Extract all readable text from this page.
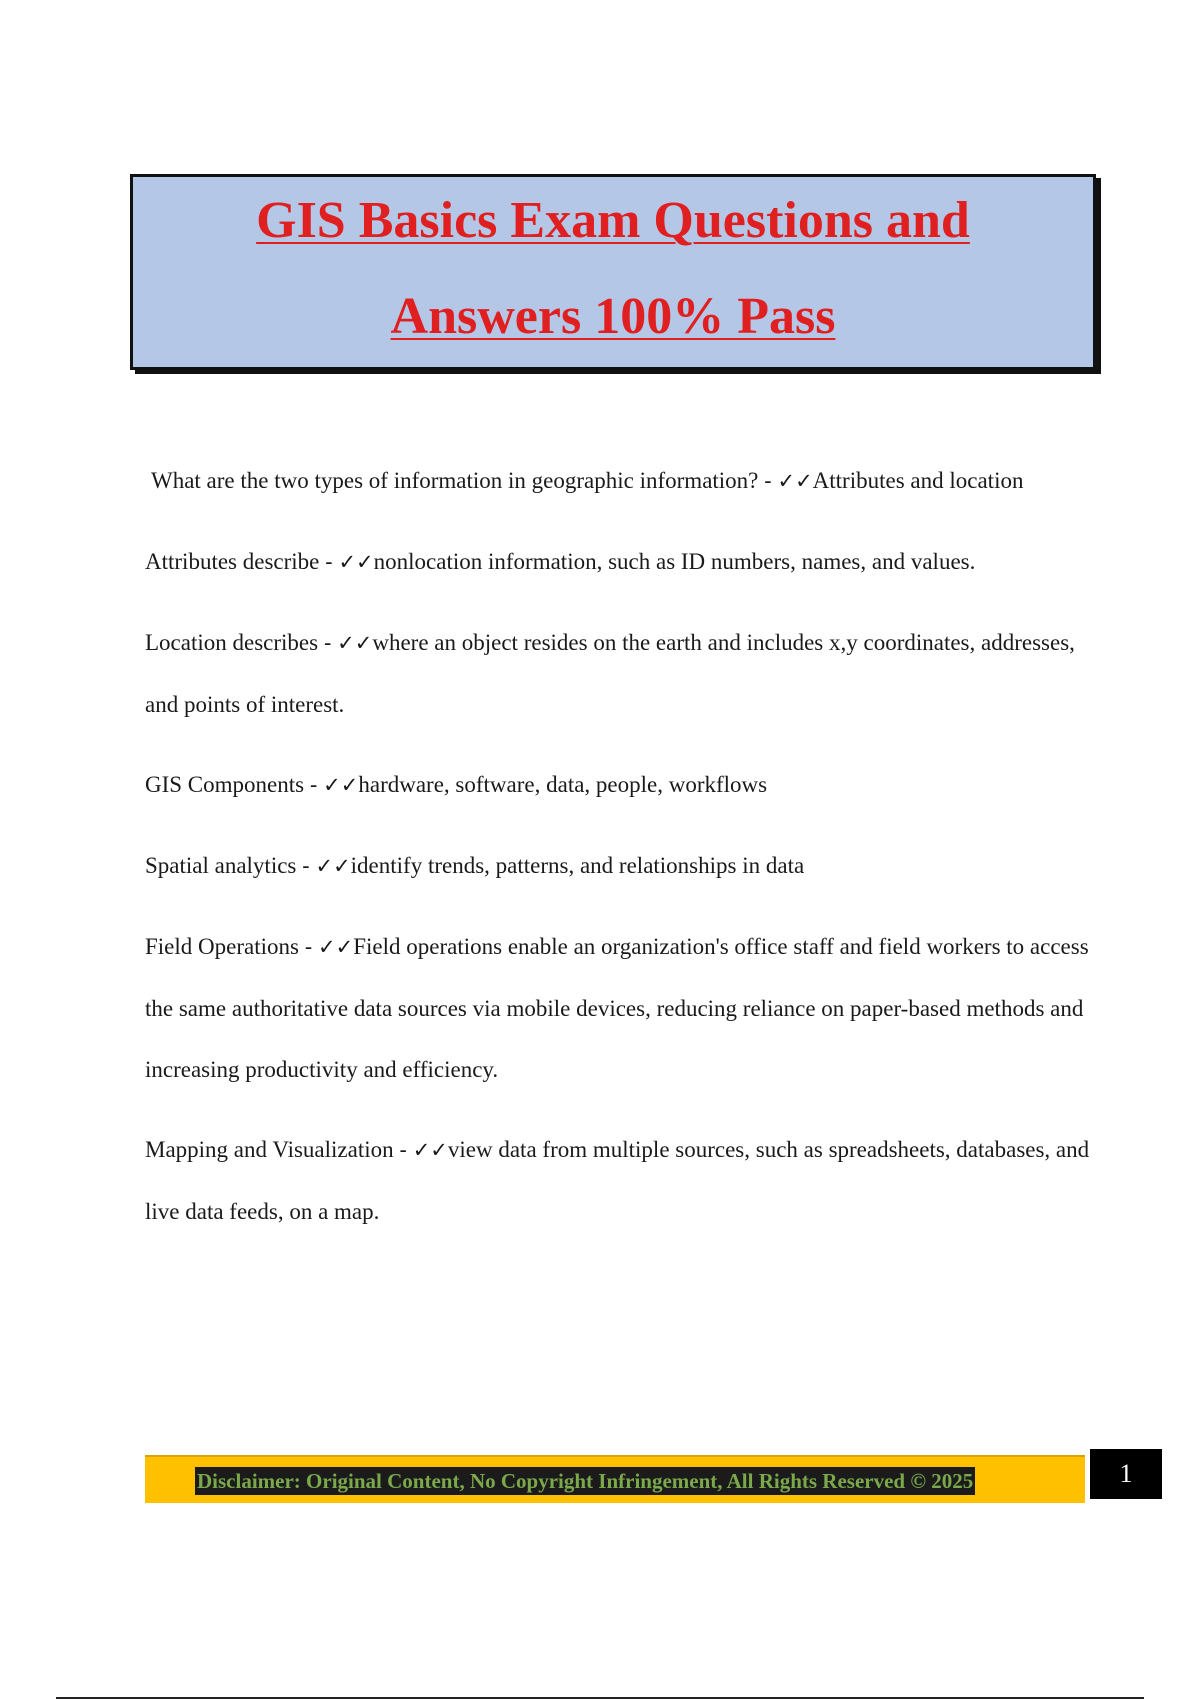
GIS Basics Exam Questions and
Answers 100% Pass
What are the two types of information in geographic information? - ✓✓Attributes and location
Attributes describe - ✓✓nonlocation information, such as ID numbers, names, and values.
Location describes - ✓✓where an object resides on the earth and includes x,y coordinates, addresses, and points of interest.
GIS Components - ✓✓hardware, software, data, people, workflows
Spatial analytics - ✓✓identify trends, patterns, and relationships in data
Field Operations - ✓✓Field operations enable an organization's office staff and field workers to access the same authoritative data sources via mobile devices, reducing reliance on paper-based methods and increasing productivity and efficiency.
Mapping and Visualization - ✓✓view data from multiple sources, such as spreadsheets, databases, and live data feeds, on a map.
Disclaimer: Original Content, No Copyright Infringement, All Rights Reserved © 2025	1
